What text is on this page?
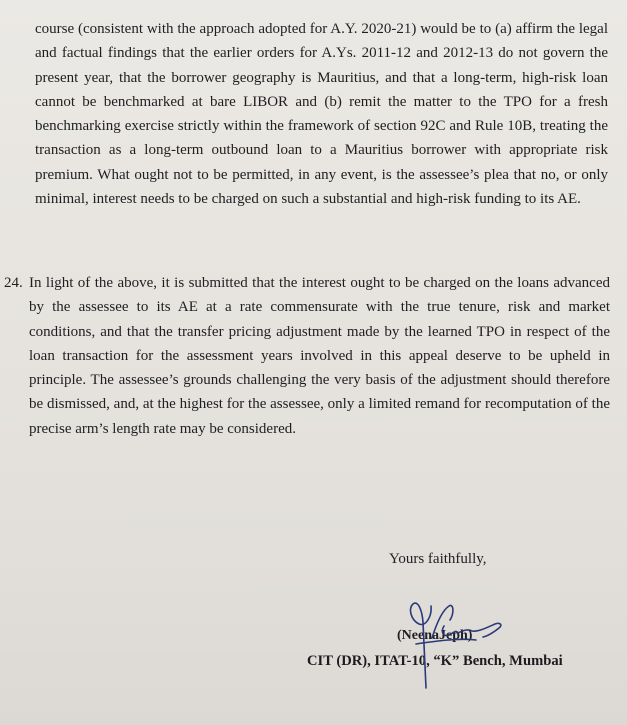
course (consistent with the approach adopted for A.Y. 2020-21) would be to (a) affirm the legal and factual findings that the earlier orders for A.Ys. 2011-12 and 2012-13 do not govern the present year, that the borrower geography is Mauritius, and that a long-term, high-risk loan cannot be benchmarked at bare LIBOR and (b) remit the matter to the TPO for a fresh benchmarking exercise strictly within the framework of section 92C and Rule 10B, treating the transaction as a long-term outbound loan to a Mauritius borrower with appropriate risk premium. What ought not to be permitted, in any event, is the assessee’s plea that no, or only minimal, interest needs to be charged on such a substantial and high-risk funding to its AE.

24. In light of the above, it is submitted that the interest ought to be charged on the loans advanced by the assessee to its AE at a rate commensurate with the true tenure, risk and market conditions, and that the transfer pricing adjustment made by the learned TPO in respect of the loan transaction for the assessment years involved in this appeal deserve to be upheld in principle. The assessee’s grounds challenging the very basis of the adjustment should therefore be dismissed, and, at the highest for the assessee, only a limited remand for recomputation of the precise arm’s length rate may be considered.

Yours faithfully,

(NeenaJeph)
CIT (DR), ITAT-10, “K” Bench, Mumbai
